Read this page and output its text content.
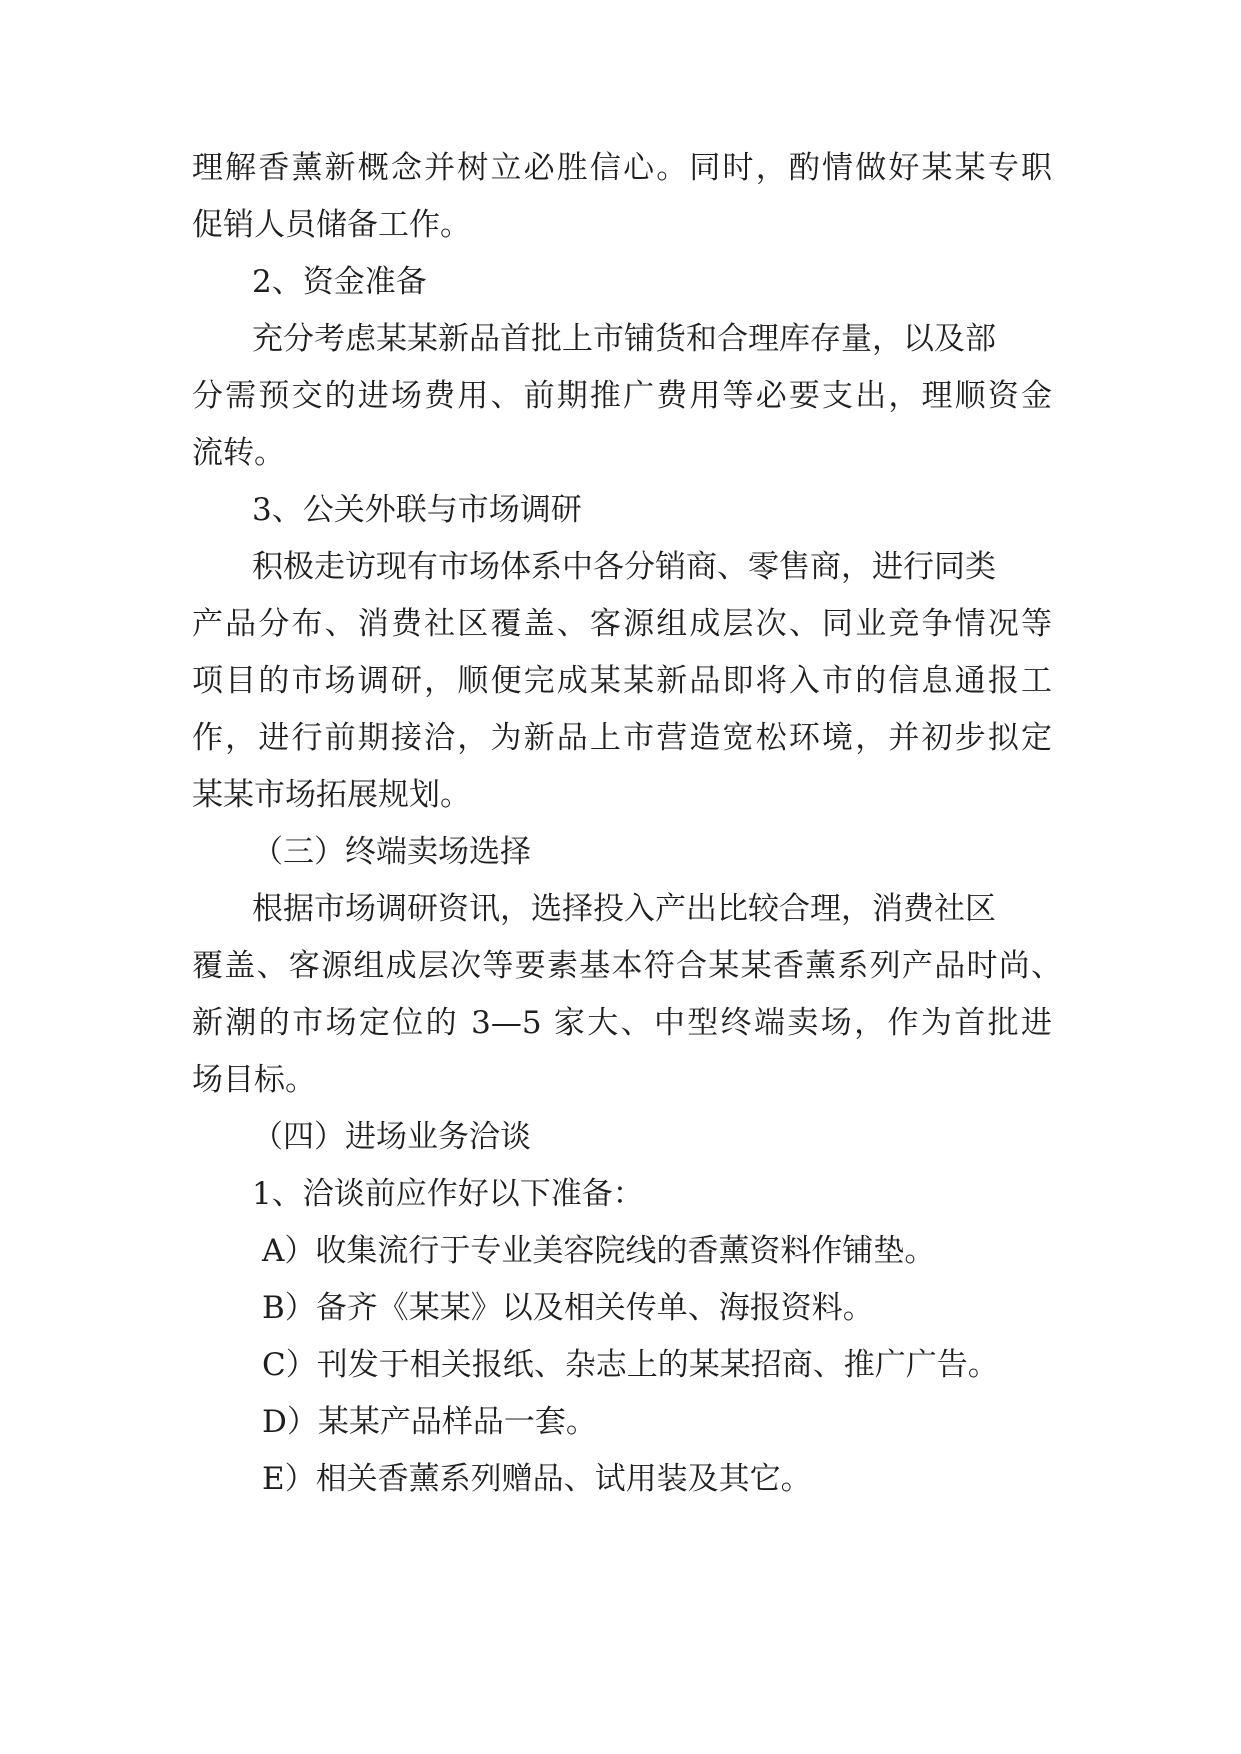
理解香薰新概念并树立必胜信心。同时，酌情做好某某专职
促销人员储备工作。
2、资金准备
充分考虑某某新品首批上市铺货和合理库存量，以及部
分需预交的进场费用、前期推广费用等必要支出，理顺资金
流转。
3、公关外联与市场调研
积极走访现有市场体系中各分销商、零售商，进行同类
产品分布、消费社区覆盖、客源组成层次、同业竞争情况等
项目的市场调研，顺便完成某某新品即将入市的信息通报工
作，进行前期接洽，为新品上市营造宽松环境，并初步拟定
某某市场拓展规划。
（三）终端卖场选择
根据市场调研资讯，选择投入产出比较合理，消费社区
覆盖、客源组成层次等要素基本符合某某香薰系列产品时尚、
新潮的市场定位的 3—5 家大、中型终端卖场，作为首批进
场目标。
（四）进场业务洽谈
1、洽谈前应作好以下准备：
A）收集流行于专业美容院线的香薰资料作铺垫。
B）备齐《某某》以及相关传单、海报资料。
C）刊发于相关报纸、杂志上的某某招商、推广广告。
D）某某产品样品一套。
E）相关香薰系列赠品、试用装及其它。
